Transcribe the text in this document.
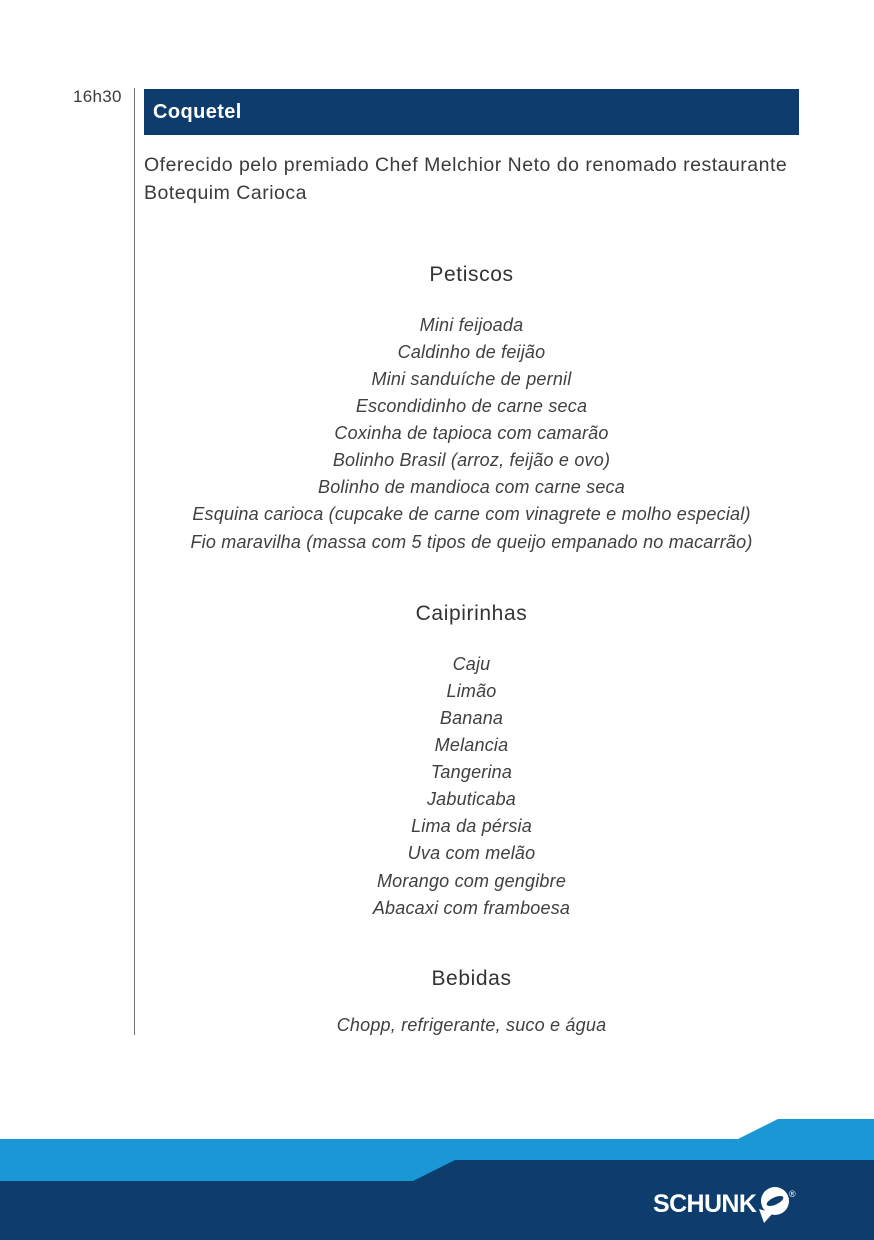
16h30
Coquetel

Oferecido pelo premiado Chef Melchior Neto do renomado restaurante Botequim Carioca

Petiscos
Mini feijoada
Caldinho de feijão
Mini sanduíche de pernil
Escondidinho de carne seca
Coxinha de tapioca com camarão
Bolinho Brasil (arroz, feijão e ovo)
Bolinho de mandioca com carne seca
Esquina carioca (cupcake de carne com vinagrete e molho especial)
Fio maravilha (massa com 5 tipos de queijo empanado no macarrão)
Caipirinhas
Caju
Limão
Banana
Melancia
Tangerina
Jabuticaba
Lima da pérsia
Uva com melão
Morango com gengibre
Abacaxi com framboesa
Bebidas
Chopp, refrigerante, suco e água
SCHUNK	®
